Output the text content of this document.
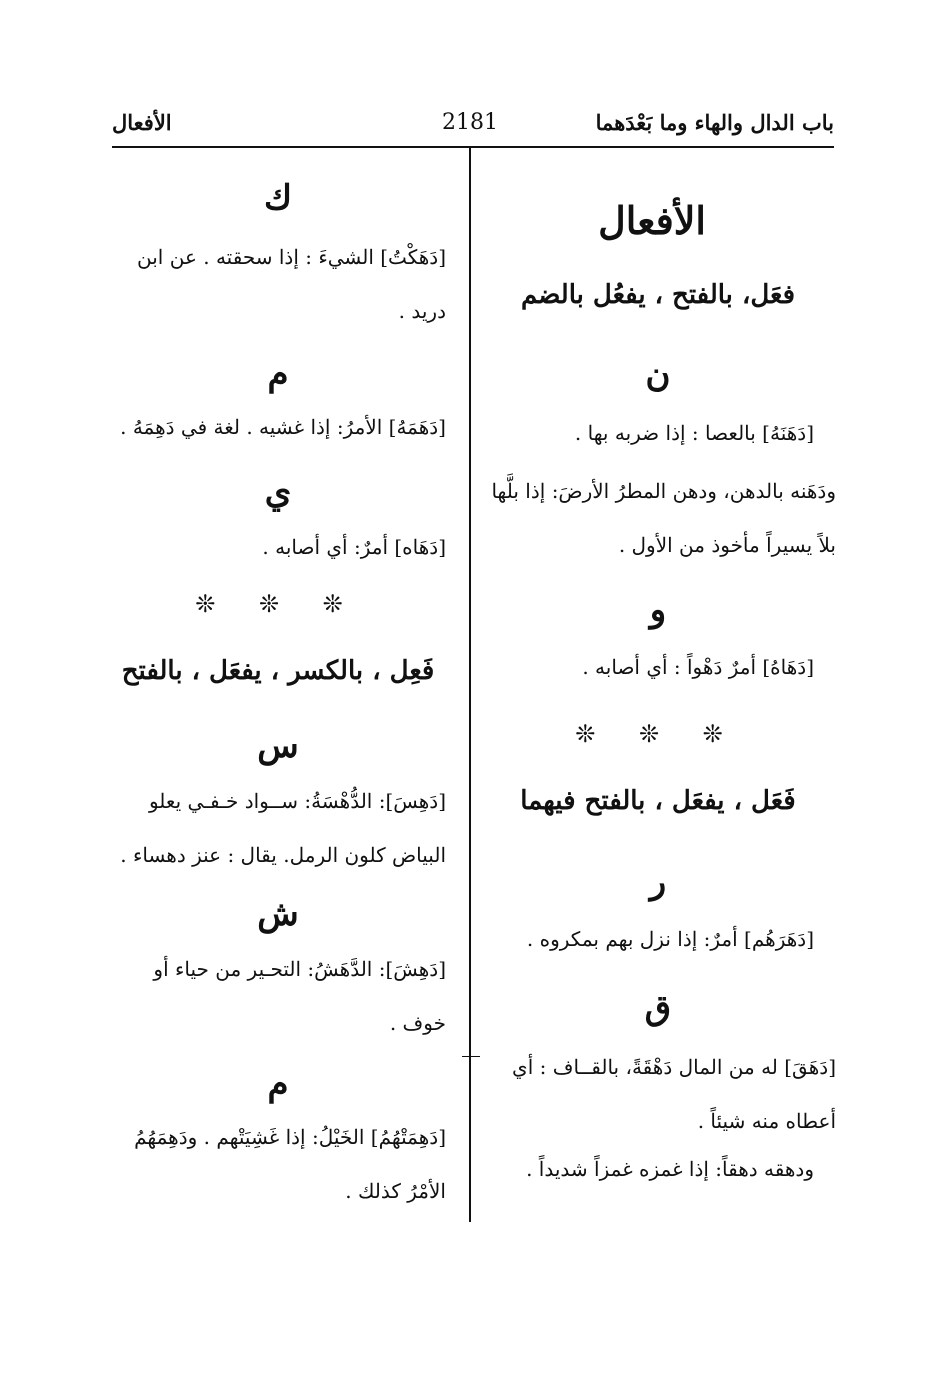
باب الدال والهاء وما بَعْدَهما
2181
الأفعال
الأفعال
فعَل، بالفتح ، يفعُل بالضم
ن
[دَهَنَهُ] بالعصا : إذا ضربه بها .
ودَهَنه بالدهن، ودهن المطرُ الأرضَ: إذا بلَّها بلاً يسيراً مأخوذ من الأول .
و
[دَهَاهُ] أمرٌ دَهْواً : أي أصابه .
❊ ❊ ❊
فَعَل ، يفعَل ، بالفتح فيهما
ر
[دَهَرَهُم] أمرٌ: إذا نزل بهم بمكروه .
ق
[دَهَقَ] له من المال دَهْقَةً، بالقــاف : أي أعطاه منه شيئاً .
ودهقه دهقاً: إذا غمزه غمزاً شديداً .
ك
[دَهَكْتُ] الشيءَ : إذا سحقته . عن ابن دريد .
م
[دَهَمَهُ] الأمرُ: إذا غشيه . لغة في دَهِمَهُ .
ي
[دَهَاه] أمرٌ: أي أصابه .
❊ ❊ ❊
فَعِل ، بالكسر ، يفعَل ، بالفتح
س
[دَهِسَ]: الدُّهْسَةُ: ســواد خـفـي يعلو البياض كلون الرمل. يقال : عنز دهساء .
ش
[دَهِشَ]: الدَّهَشُ: التحـير من حياء أو خوف .
م
[دَهِمَتْهُمُ] الخَيْلُ: إذا غَشِيَتْهم . ودَهِمَهُمُ الأمْرُ كذلك .
